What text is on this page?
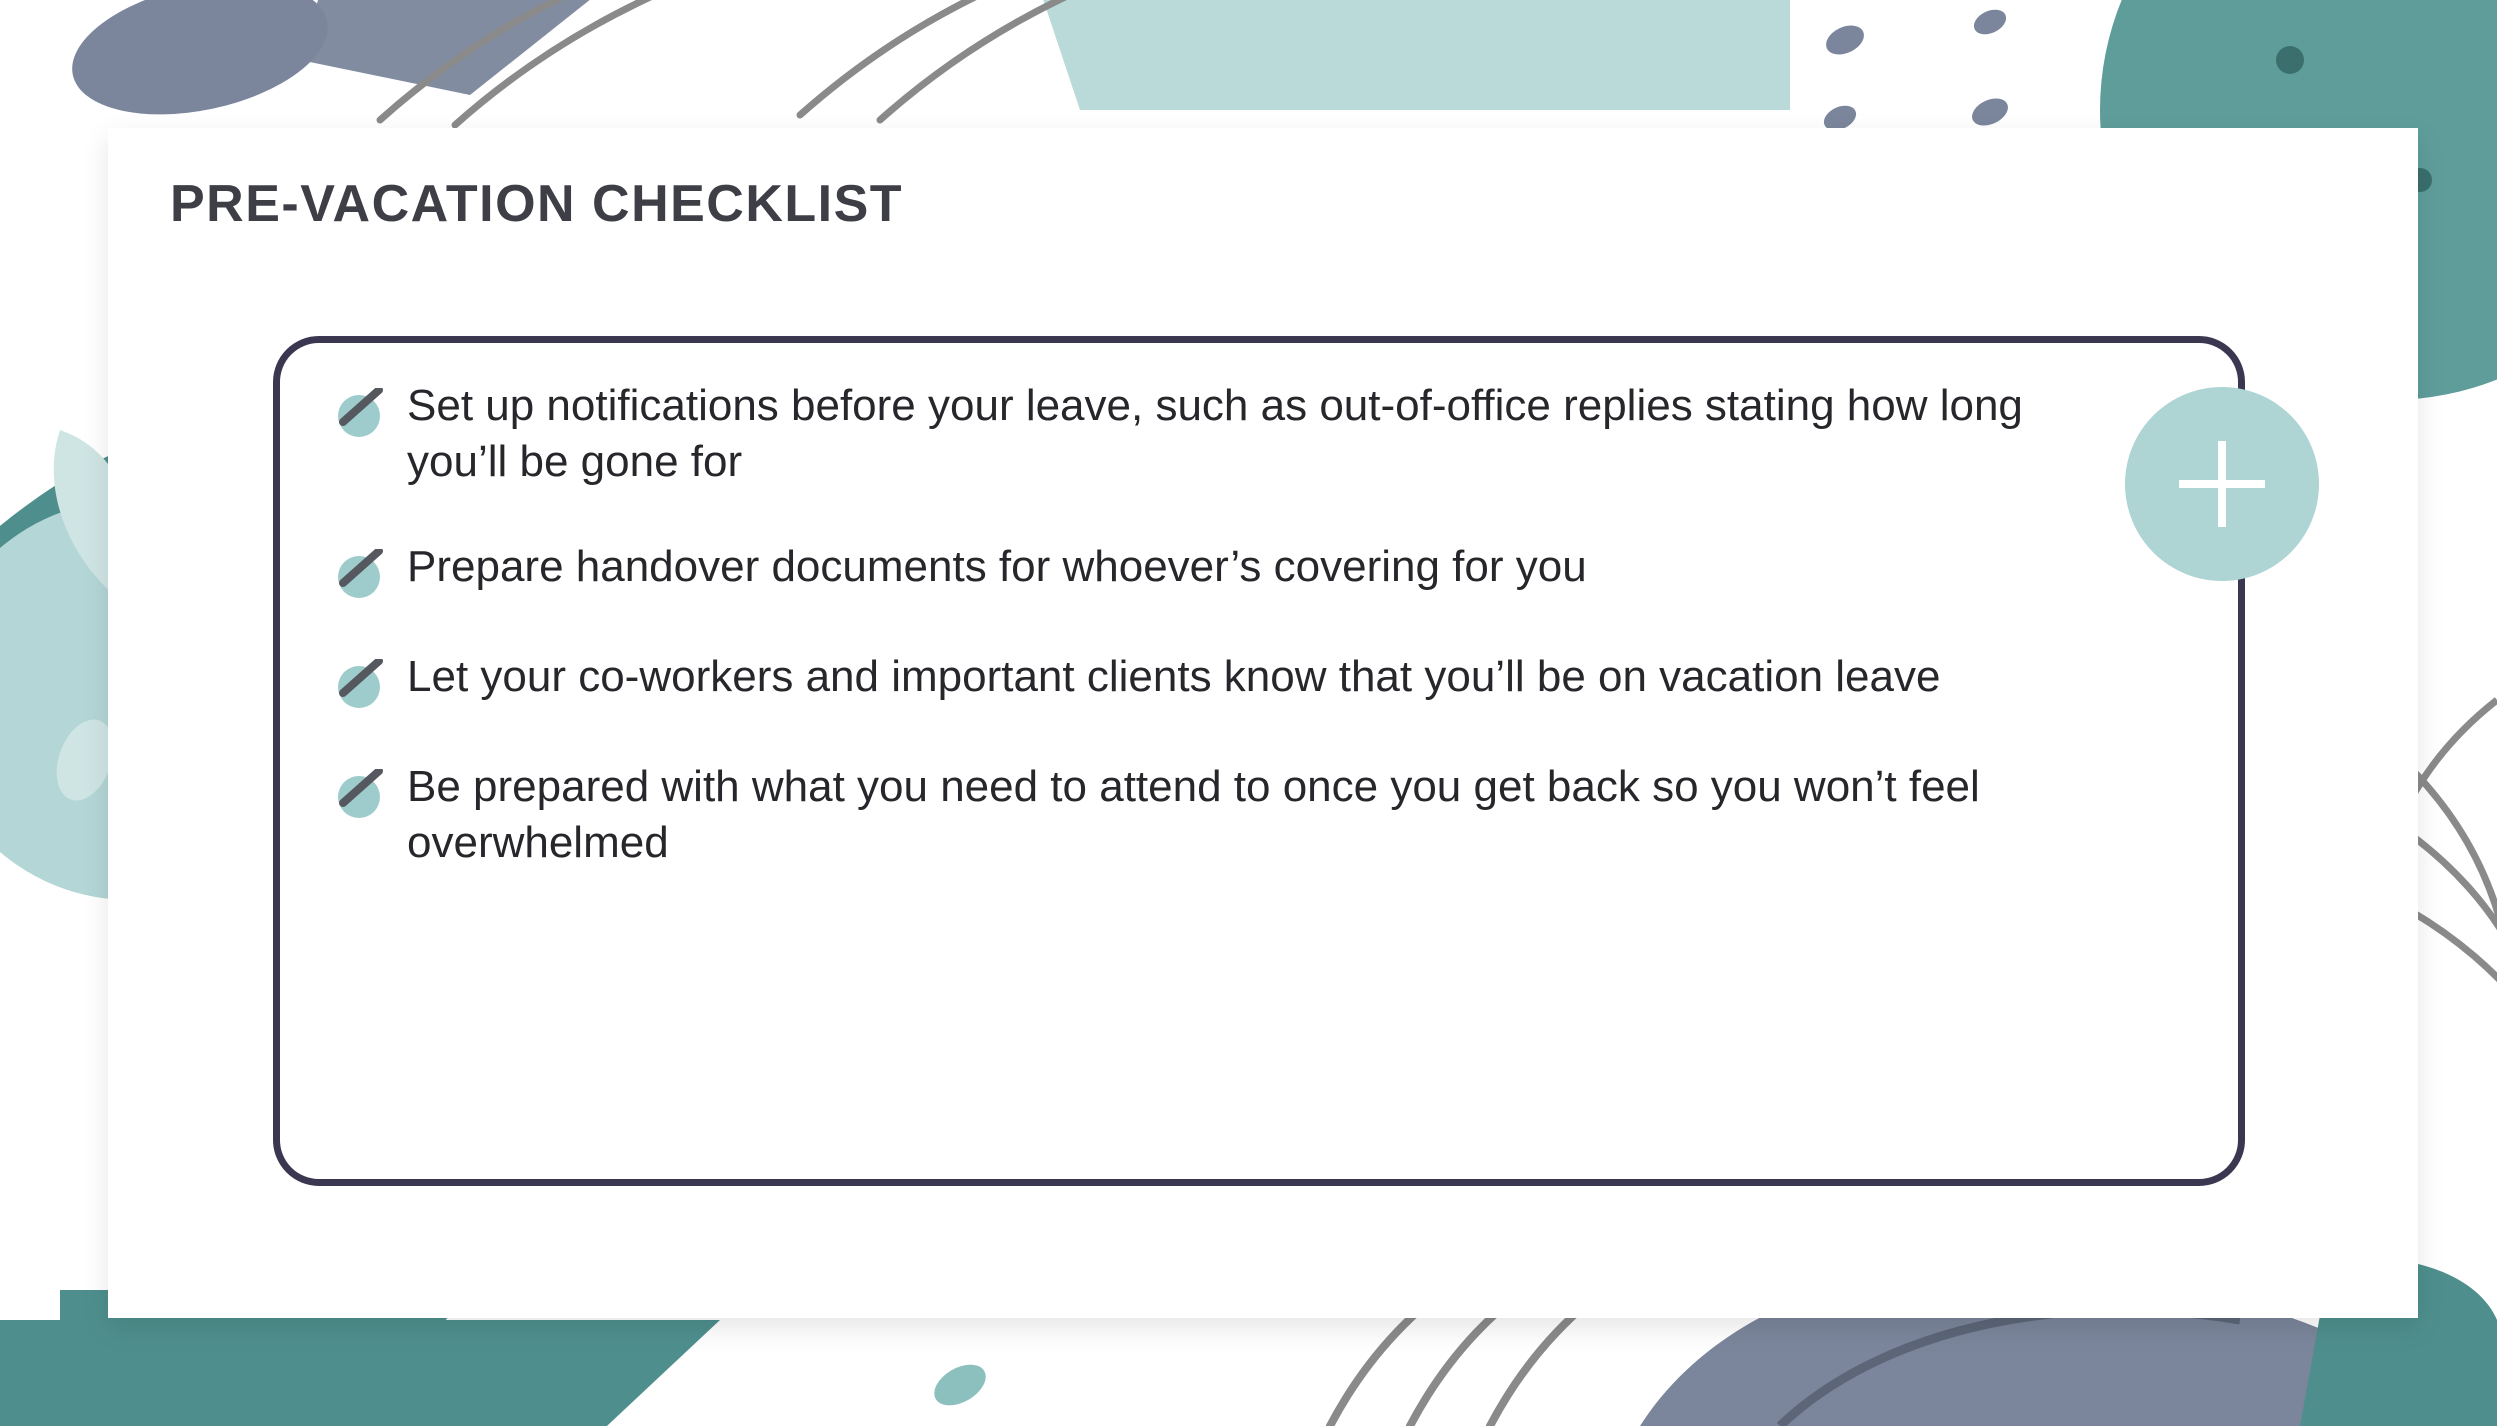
PRE-VACATION CHECKLIST
Set up notifications before your leave, such as out-of-office replies stating how long you’ll be gone for
Prepare handover documents for whoever’s covering for you
Let your co-workers and important clients know that you’ll be on vacation leave
Be prepared with what you need to attend to once you get back so you won’t feel overwhelmed
